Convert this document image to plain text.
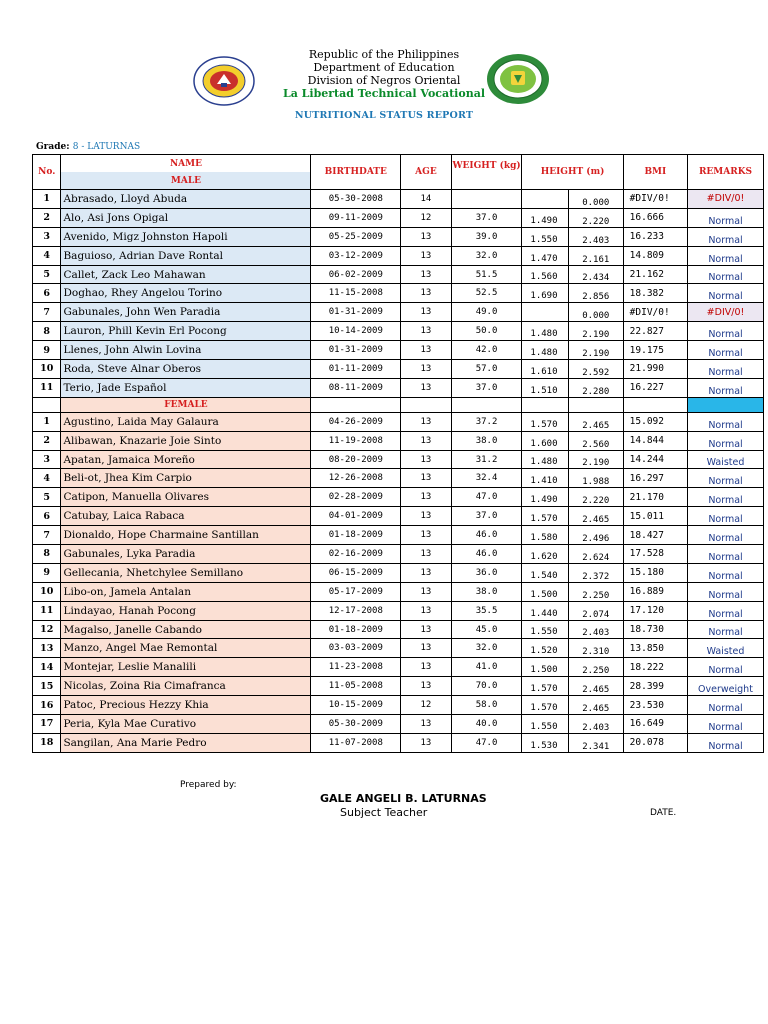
Republic of the Philippines
Department of Education
Division of Negros Oriental
La Libertad Technical Vocational
NUTRITIONAL STATUS REPORT
Grade: 8 - LATURNAS
No.	NAME	BIRTHDATE	AGE	WEIGHT (kg)	HEIGHT (m)		BMI	REMARKS
	MALE							
1	Abrasado, Lloyd Abuda	05-30-2008	14			0.000	#DIV/0!	#DIV/0!
2	Alo, Asi Jons Opigal	09-11-2009	12	37.0	1.490	2.220	16.666	Normal
3	Avenido, Migz Johnston Hapoli	05-25-2009	13	39.0	1.550	2.403	16.233	Normal
4	Baguioso, Adrian Dave Rontal	03-12-2009	13	32.0	1.470	2.161	14.809	Normal
5	Callet, Zack Leo Mahawan	06-02-2009	13	51.5	1.560	2.434	21.162	Normal
6	Doghao, Rhey Angelou Torino	11-15-2008	13	52.5	1.690	2.856	18.382	Normal
7	Gabunales, John Wen Paradia	01-31-2009	13	49.0		0.000	#DIV/0!	#DIV/0!
8	Lauron, Phill Kevin Erl Pocong	10-14-2009	13	50.0	1.480	2.190	22.827	Normal
9	Llenes, John Alwin Lovina	01-31-2009	13	42.0	1.480	2.190	19.175	Normal
10	Roda, Steve Alnar Oberos	01-11-2009	13	57.0	1.610	2.592	21.990	Normal
11	Terio, Jade Español	08-11-2009	13	37.0	1.510	2.280	16.227	Normal
	FEMALE							
1	Agustino, Laida May Galaura	04-26-2009	13	37.2	1.570	2.465	15.092	Normal
2	Alibawan, Knazarie Joie Sinto	11-19-2008	13	38.0	1.600	2.560	14.844	Normal
3	Apatan, Jamaica Moreño	08-20-2009	13	31.2	1.480	2.190	14.244	Waisted
4	Beli-ot, Jhea Kim Carpio	12-26-2008	13	32.4	1.410	1.988	16.297	Normal
5	Catipon, Manuella Olivares	02-28-2009	13	47.0	1.490	2.220	21.170	Normal
6	Catubay, Laica Rabaca	04-01-2009	13	37.0	1.570	2.465	15.011	Normal
7	Dionaldo, Hope Charmaine Santillan	01-18-2009	13	46.0	1.580	2.496	18.427	Normal
8	Gabunales, Lyka Paradia	02-16-2009	13	46.0	1.620	2.624	17.528	Normal
9	Gellecania, Nhetchylee Semillano	06-15-2009	13	36.0	1.540	2.372	15.180	Normal
10	Libo-on, Jamela Antalan	05-17-2009	13	38.0	1.500	2.250	16.889	Normal
11	Lindayao, Hanah Pocong	12-17-2008	13	35.5	1.440	2.074	17.120	Normal
12	Magalso, Janelle Cabando	01-18-2009	13	45.0	1.550	2.403	18.730	Normal
13	Manzo, Angel Mae Remontal	03-03-2009	13	32.0	1.520	2.310	13.850	Waisted
14	Montejar, Leslie Manalili	11-23-2008	13	41.0	1.500	2.250	18.222	Normal
15	Nicolas, Zoina Ria Cimafranca	11-05-2008	13	70.0	1.570	2.465	28.399	Overweight
16	Patoc, Precious Hezzy Khia	10-15-2009	12	58.0	1.570	2.465	23.530	Normal
17	Peria, Kyla Mae Curativo	05-30-2009	13	40.0	1.550	2.403	16.649	Normal
18	Sangilan, Ana Marie Pedro	11-07-2008	13	47.0	1.530	2.341	20.078	Normal
Prepared by:
GALE ANGELI B. LATURNAS
Subject Teacher	DATE.
